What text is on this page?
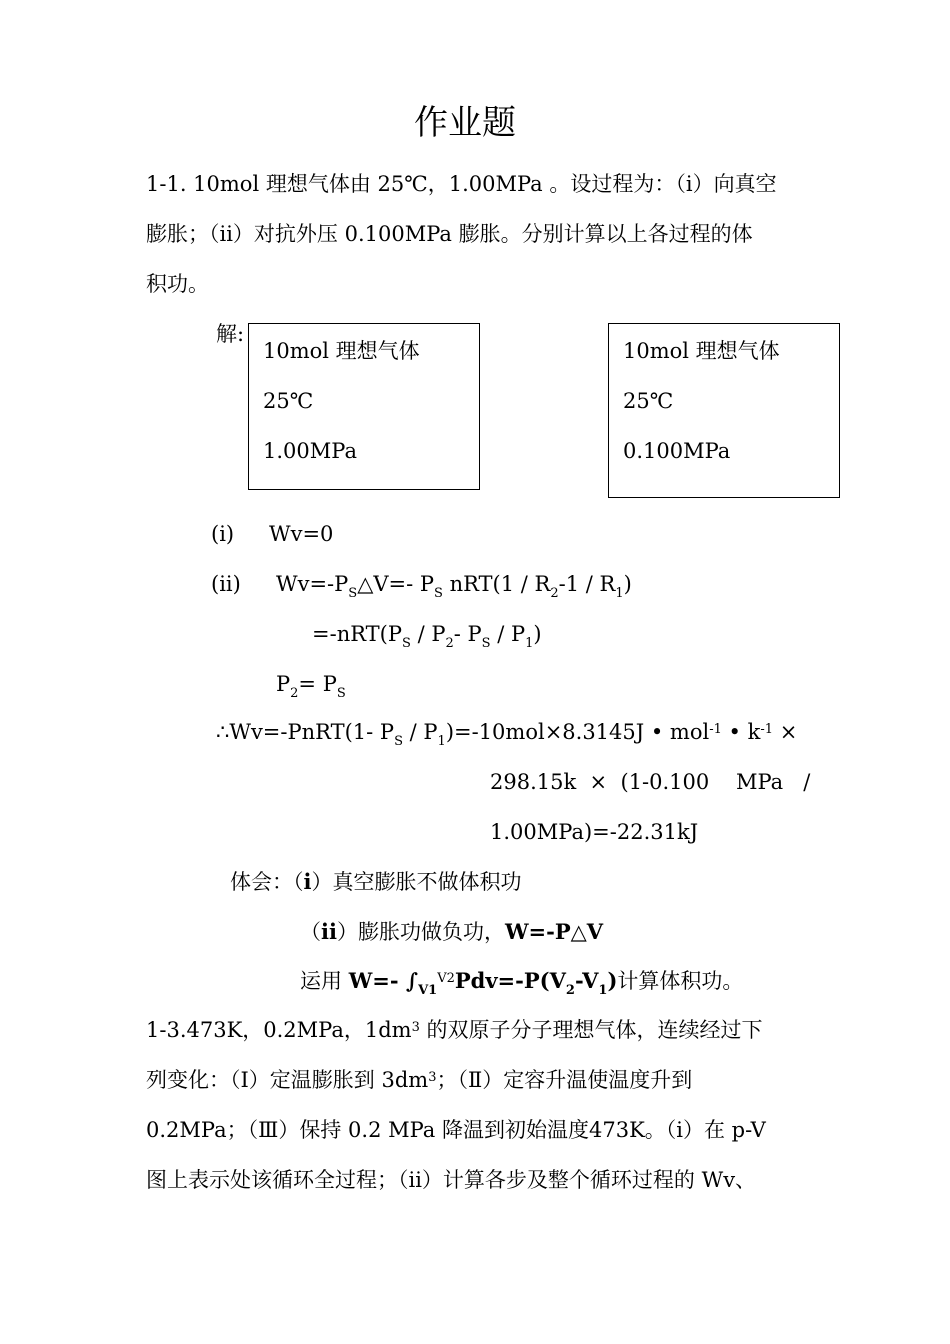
作业题
1-1. 10mol 理想气体由 25℃，1.00MPa 。设过程为：（i）向真空
膨胀；（ii）对抗外压 0.100MPa 膨胀。分别计算以上各过程的体
积功。
解:
10mol 理想气体
25℃
1.00MPa
10mol 理想气体
25℃
0.100MPa
(i) Wv=0
(ii) $Wv=-P_S\triangle V=-$ $P_S$ $nRT(1 / R_2-1 / R_1)$
$=-nRT(P_S / P_2-$ $P_S / P_1$)
$P_2= P_S$
∴Wv=-PnRT(1- $P_S / P_1)=-10mol\times 8.3145J$ • mol$^{-1}$ • $k^{-1}$ ×
298.15k  ×  (1-0.100    MPa   /
1.00MPa)=-22.31kJ
体会：（i）真空膨胀不做体积功
（ii）膨胀功做负功，W=-P△V
运用 W=- $\int_{V1}^{V2}Pdv=-P(V_2-V_1)$计算体积功。
1-3.473K，0.2MPa，$1dm^3$ 的双原子分子理想气体，连续经过下
列变化：（Ⅰ）定温膨胀到 $3dm^3$；（Ⅱ）定容升温使温度升到
0.2MPa；（Ⅲ）保持 0.2 MPa 降温到初始温度473K。（i）在 p-V
图上表示处该循环全过程；（ii）计算各步及整个循环过程的 Wv、
